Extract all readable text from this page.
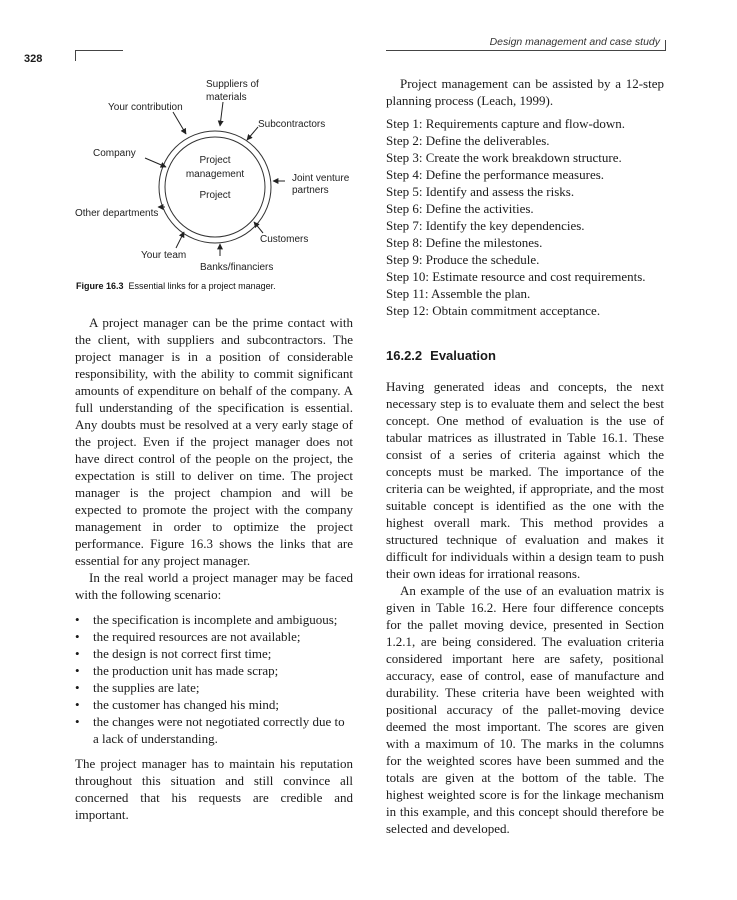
Design management and case study
328
Project
management
Project
Your contribution
Suppliers of
materials
Subcontractors
Joint venture
partners
Customers
Banks/financiers
Your team
Other departments
Company
Figure 16.3 Essential links for a project manager.

A project manager can be the prime contact with the client, with suppliers and subcontractors. The project manager is in a position of considerable responsibility, with the ability to commit significant amounts of expenditure on behalf of the company. A full understanding of the specification is essential. Any doubts must be resolved at a very early stage of the project. Even if the project manager does not have direct control of the people on the project, the expectation is still to deliver on time. The project manager is the project champion and will be expected to promote the project with the company management in order to optimize the project performance. Figure 16.3 shows the links that are essential for any project manager.

In the real world a project manager may be faced with the following scenario:

• the specification is incomplete and ambiguous;
• the required resources are not available;
• the design is not correct first time;
• the production unit has made scrap;
• the supplies are late;
• the customer has changed his mind;
• the changes were not negotiated correctly due to a lack of understanding.

The project manager has to maintain his reputation throughout this situation and still convince all concerned that his requests are credible and important.

Project management can be assisted by a 12-step planning process (Leach, 1999).

Step 1: Requirements capture and flow-down.
Step 2: Define the deliverables.
Step 3: Create the work breakdown structure.
Step 4: Define the performance measures.
Step 5: Identify and assess the risks.
Step 6: Define the activities.
Step 7: Identify the key dependencies.
Step 8: Define the milestones.
Step 9: Produce the schedule.
Step 10: Estimate resource and cost requirements.
Step 11: Assemble the plan.
Step 12: Obtain commitment acceptance.
16.2.2 Evaluation

Having generated ideas and concepts, the next necessary step is to evaluate them and select the best concept. One method of evaluation is the use of tabular matrices as illustrated in Table 16.1. These consist of a series of criteria against which the concepts must be marked. The importance of the criteria can be weighted, if appropriate, and the most suitable concept is identified as the one with the highest overall mark. This method provides a structured technique of evaluation and makes it difficult for individuals within a design team to push their own ideas for irrational reasons.

An example of the use of an evaluation matrix is given in Table 16.2. Here four difference concepts for the pallet moving device, presented in Section 1.2.1, are being considered. The evaluation criteria considered important here are safety, positional accuracy, ease of control, ease of manufacture and durability. These criteria have been weighted with positional accuracy of the pallet-moving device deemed the most important. The scores are given with a maximum of 10. The marks in the columns for the weighted scores have been summed and the totals are given at the bottom of the table. The highest weighted score is for the linkage mechanism in this example, and this concept should therefore be selected and developed.
